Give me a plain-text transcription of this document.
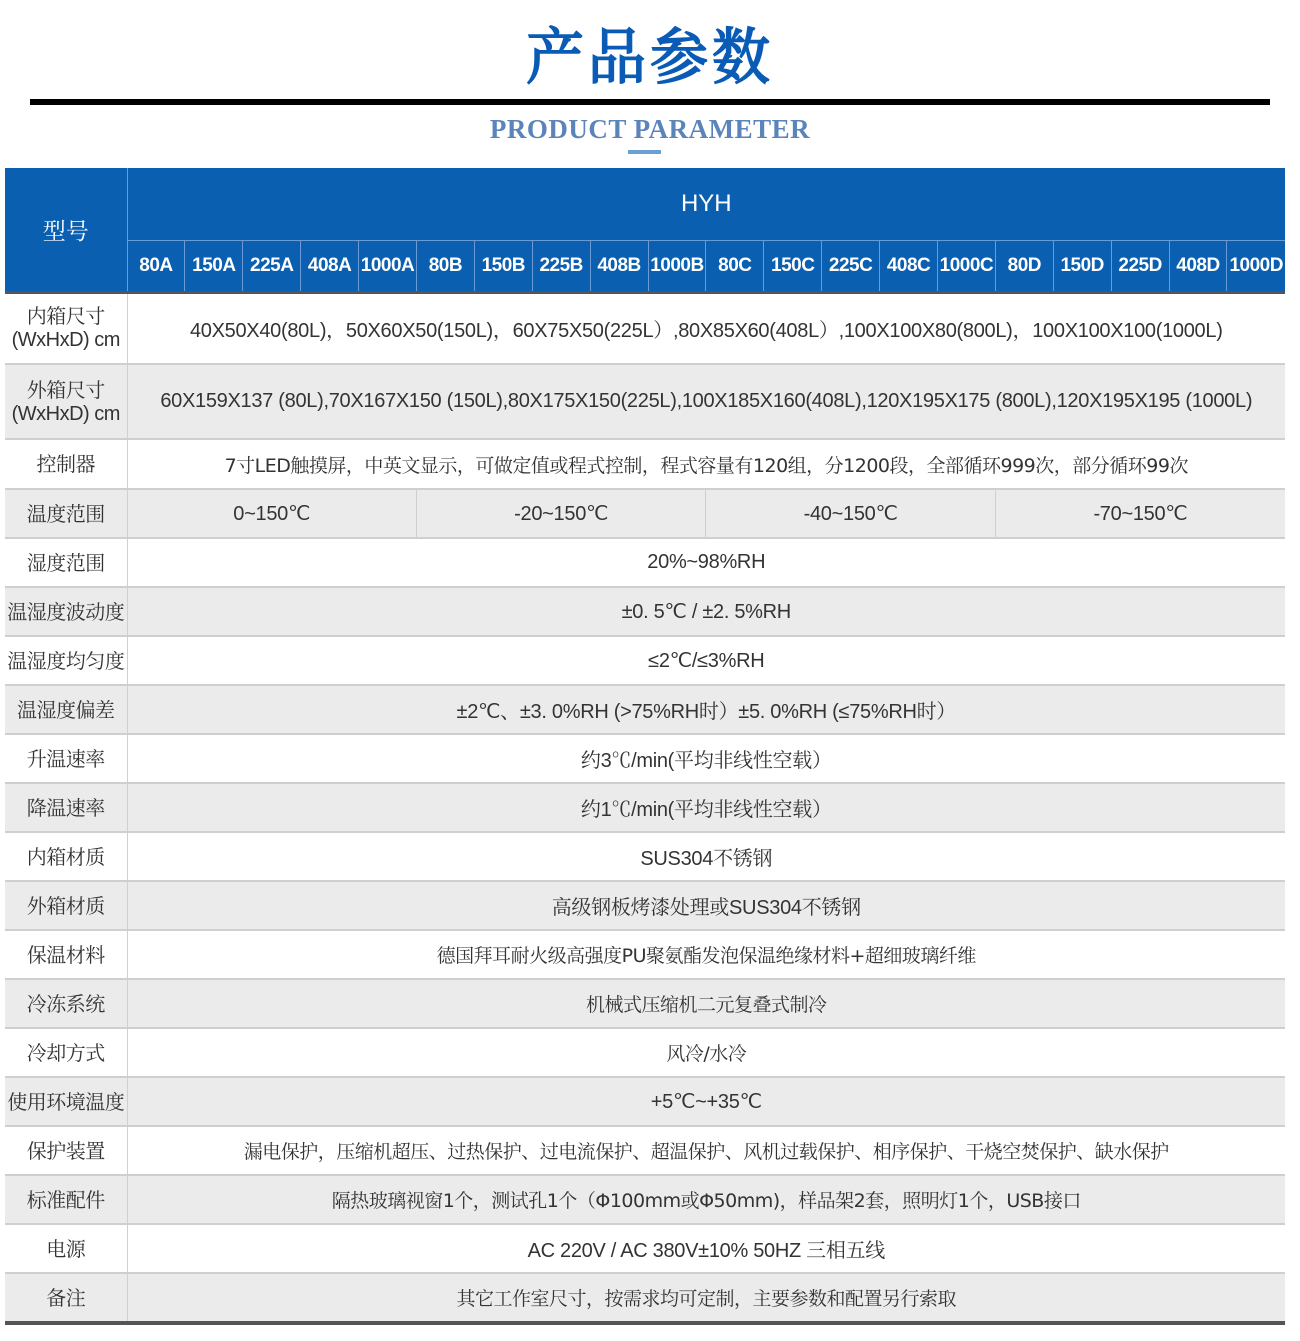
产品参数
PRODUCT PARAMETER
型号	HYH																			
	80A	150A	225A	408A	1000A	80B	150B	225B	408B	1000B	80C	150C	225C	408C	1000C	80D	150D	225D	408D	1000D

内箱尺寸
(WxHxD) cm	40X50X40(80L)，50X60X50(150L)，60X75X50(225L）,80X85X60(408L）,100X100X80(800L)，100X100X100(1000L)																			

外箱尺寸
(WxHxD) cm	60X159X137 (80L),70X167X150 (150L),80X175X150(225L),100X185X160(408L),120X195X175 (800L),120X195X195 (1000L)																			
控制器	7寸LED触摸屏，中英文显示，可做定值或程式控制，程式容量有120组，分1200段，全部循环999次，部分循环99次																			
温度范围	0~150℃					-20~150℃					-40~150℃					-70~150℃				
湿度范围	20%~98%RH																			
温湿度波动度	±0. 5℃ / ±2. 5%RH																			
温湿度均匀度	≤2℃/≤3%RH																			
温湿度偏差	±2℃、±3. 0%RH (>75%RH时）±5. 0%RH (≤75%RH时）																			
升温速率	约3℃/min(平均非线性空载）																			
降温速率	约1℃/min(平均非线性空载）																			
内箱材质	SUS304不锈钢																			
外箱材质	高级钢板烤漆处理或SUS304不锈钢																			
保温材料	德国拜耳耐火级高强度PU聚氨酯发泡保温绝缘材料+超细玻璃纤维																			
冷冻系统	机械式压缩机二元复叠式制冷																			
冷却方式	风冷/水冷																			
使用环境温度	+5℃~+35℃																			
保护装置	漏电保护，压缩机超压、过热保护、过电流保护、超温保护、风机过载保护、相序保护、干烧空焚保护、缺水保护																			
标准配件	隔热玻璃视窗1个，测试孔1个（Φ100mm或Φ50mm)，样品架2套，照明灯1个，USB接口																			
电源	AC 220V / AC 380V±10% 50HZ 三相五线																			
备注	其它工作室尺寸，按需求均可定制，主要参数和配置另行索取																			
